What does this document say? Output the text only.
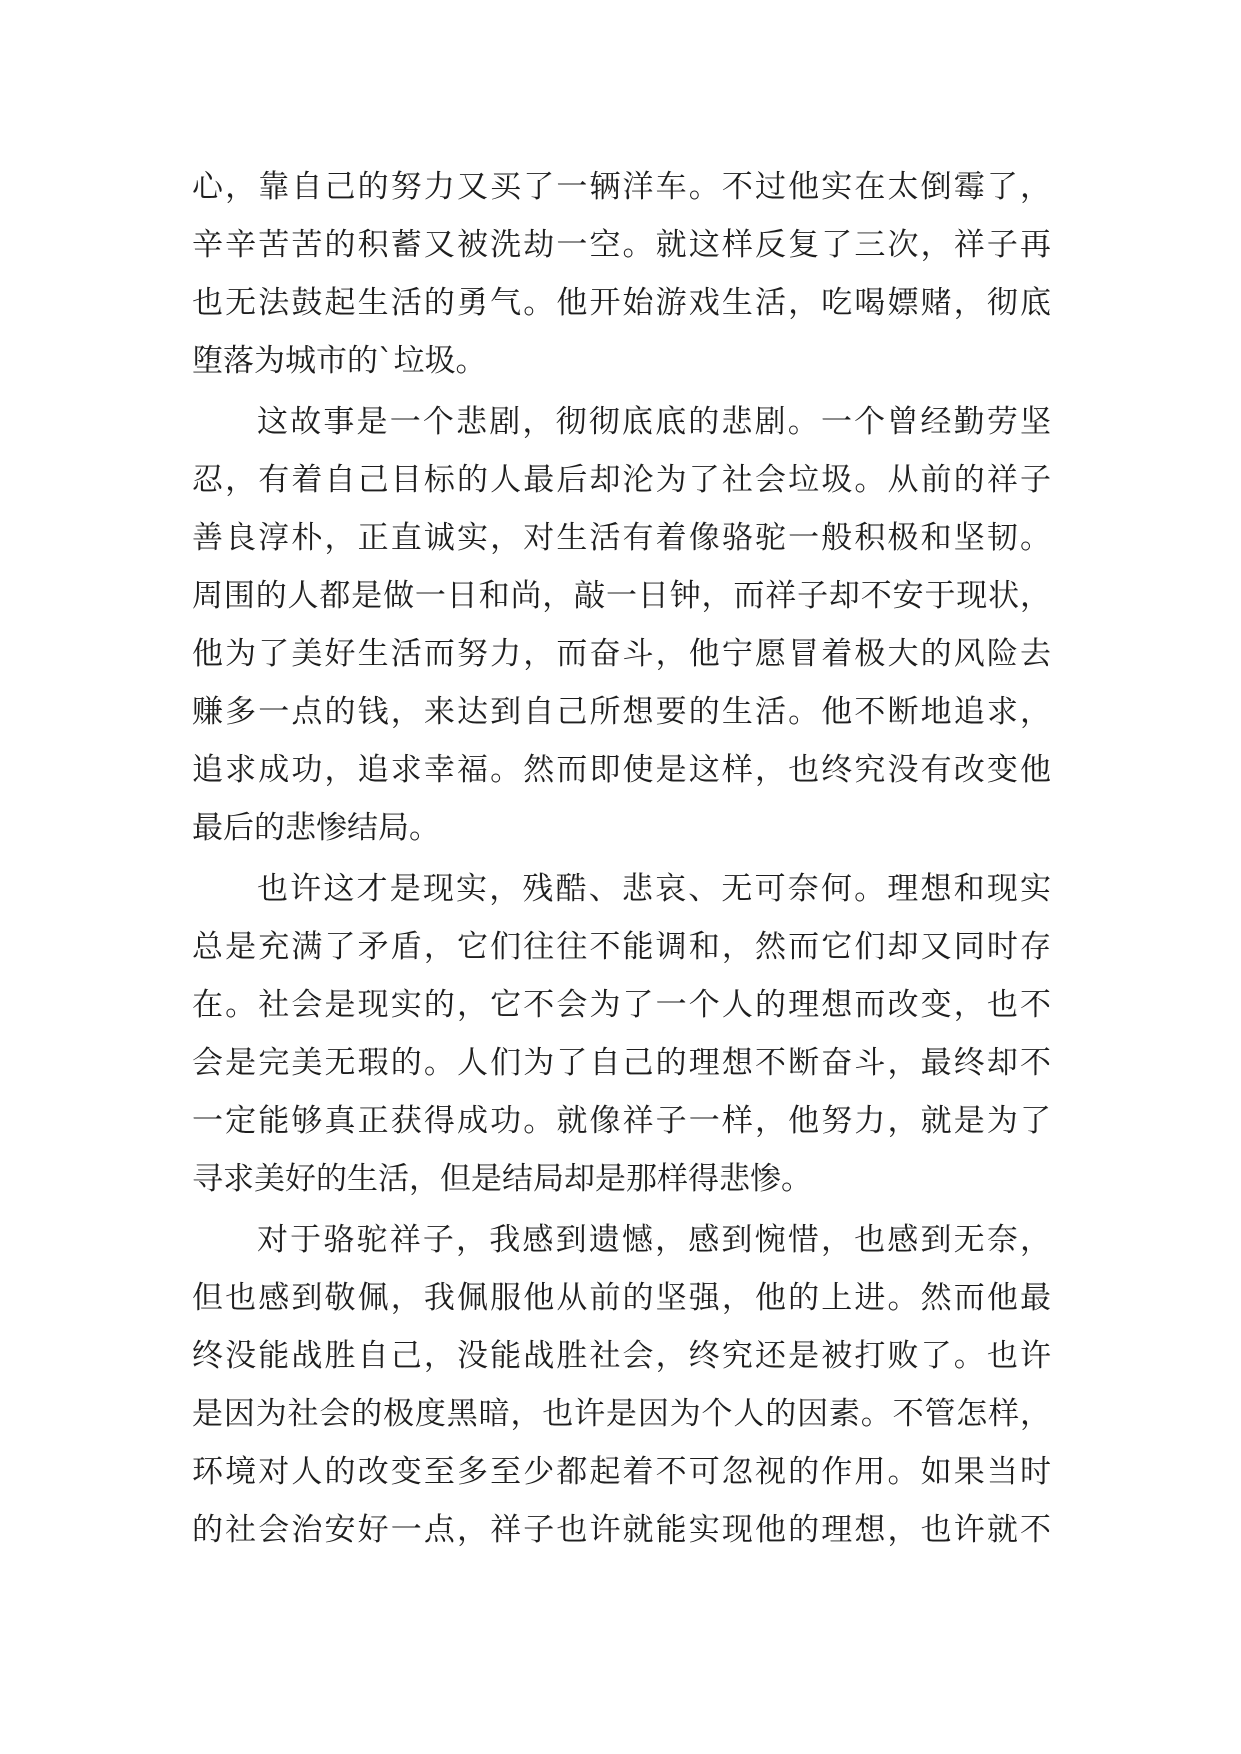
心，靠自己的努力又买了一辆洋车。不过他实在太倒霉了，
辛辛苦苦的积蓄又被洗劫一空。就这样反复了三次，祥子再
也无法鼓起生活的勇气。他开始游戏生活，吃喝嫖赌，彻底
堕落为城市的`垃圾。
这故事是一个悲剧，彻彻底底的悲剧。一个曾经勤劳坚
忍，有着自己目标的人最后却沦为了社会垃圾。从前的祥子
善良淳朴，正直诚实，对生活有着像骆驼一般积极和坚韧。
周围的人都是做一日和尚，敲一日钟，而祥子却不安于现状，
他为了美好生活而努力，而奋斗，他宁愿冒着极大的风险去
赚多一点的钱，来达到自己所想要的生活。他不断地追求，
追求成功，追求幸福。然而即使是这样，也终究没有改变他
最后的悲惨结局。
也许这才是现实，残酷、悲哀、无可奈何。理想和现实
总是充满了矛盾，它们往往不能调和，然而它们却又同时存
在。社会是现实的，它不会为了一个人的理想而改变，也不
会是完美无瑕的。人们为了自己的理想不断奋斗，最终却不
一定能够真正获得成功。就像祥子一样，他努力，就是为了
寻求美好的生活，但是结局却是那样得悲惨。
对于骆驼祥子，我感到遗憾，感到惋惜，也感到无奈，
但也感到敬佩，我佩服他从前的坚强，他的上进。然而他最
终没能战胜自己，没能战胜社会，终究还是被打败了。也许
是因为社会的极度黑暗，也许是因为个人的因素。不管怎样，
环境对人的改变至多至少都起着不可忽视的作用。如果当时
的社会治安好一点，祥子也许就能实现他的理想，也许就不
